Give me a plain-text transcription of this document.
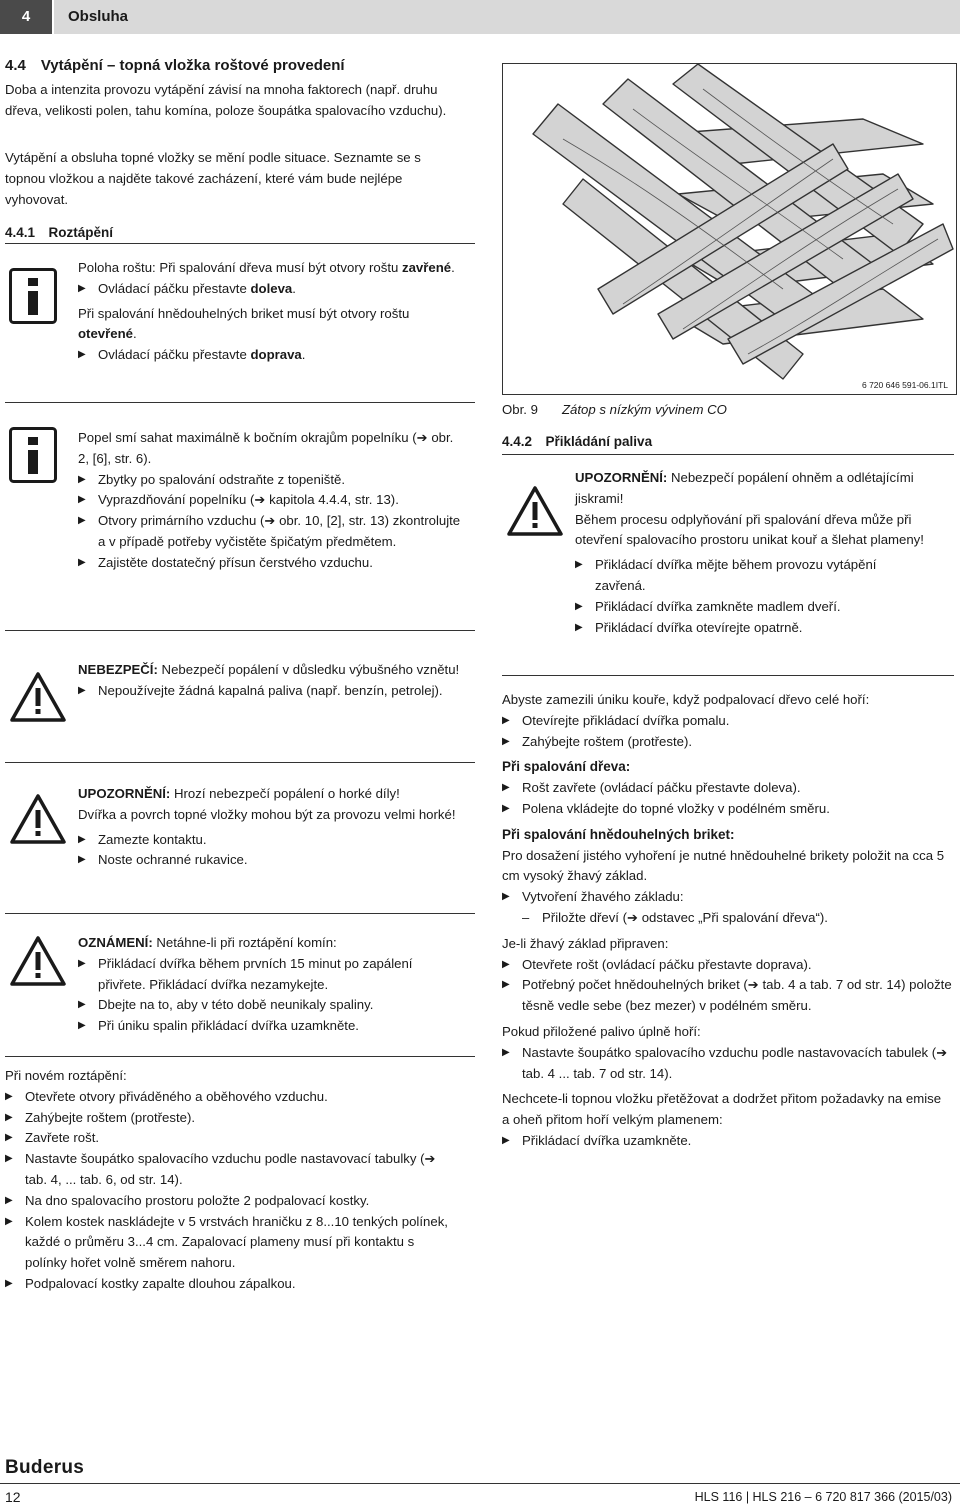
4	Obsluha
4.4 Vytápění – topná vložka roštové provedení

Doba a intenzita provozu vytápění závisí na mnoha faktorech (např. druhu dřeva, velikosti polen, tahu komína, poloze šoupátka spalovacího vzduchu).

Vytápění a obsluha topné vložky se mění podle situace. Seznamte se s topnou vložkou a najděte takové zacházení, které vám bude nejlépe vyhovovat.

4.4.1 Roztápění

Poloha roštu: Při spalování dřeva musí být otvory roštu zavřené.

▶ Ovládací páčku přestavte doleva.

Při spalování hnědouhelných briket musí být otvory roštu otevřené.

▶ Ovládací páčku přestavte doprava.

Popel smí sahat maximálně k bočním okrajům popelníku (➔ obr. 2, [6], str. 6).

▶ Zbytky po spalování odstraňte z topeniště.
▶ Vyprazdňování popelníku (➔ kapitola 4.4.4, str. 13).
▶ Otvory primárního vzduchu (➔ obr. 10, [2], str. 13) zkontrolujte a v případě potřeby vyčistěte špičatým předmětem.
▶ Zajistěte dostatečný přísun čerstvého vzduchu.

NEBEZPEČÍ: Nebezpečí popálení v důsledku výbušného vznětu!

▶ Nepoužívejte žádná kapalná paliva (např. benzín, petrolej).

UPOZORNĚNÍ: Hrozí nebezpečí popálení o horké díly!

Dvířka a povrch topné vložky mohou být za provozu velmi horké!

▶ Zamezte kontaktu.
▶ Noste ochranné rukavice.

OZNÁMENÍ: Netáhne-li při roztápění komín:

▶ Přikládací dvířka během prvních 15 minut po zapálení přivřete. Přikládací dvířka nezamykejte.
▶ Dbejte na to, aby v této době neunikaly spaliny.
▶ Při úniku spalin přikládací dvířka uzamkněte.

Při novém roztápění:

▶ Otevřete otvory přiváděného a oběhového vzduchu.
▶ Zahýbejte roštem (protřeste).
▶ Zavřete rošt.
▶ Nastavte šoupátko spalovacího vzduchu podle nastavovací tabulky (➔ tab. 4, ... tab. 6, od str. 14).
▶ Na dno spalovacího prostoru položte 2 podpalovací kostky.
▶ Kolem kostek naskládejte v 5 vrstvách hraničku z 8...10 tenkých polínek, každé o průměru 3...4 cm. Zapalovací plameny musí při kontaktu s polínky hořet volně směrem nahoru.
▶ Podpalovací kostky zapalte dlouhou zápalkou.
6 720 646 591-06.1ITL
Obr. 9 Zátop s nízkým vývinem CO
4.4.2 Přikládání paliva

UPOZORNĚNÍ: Nebezpečí popálení ohněm a odlétajícími jiskrami!

Během procesu odplyňování při spalování dřeva může při otevření spalovacího prostoru unikat kouř a šlehat plameny!

▶ Přikládací dvířka mějte během provozu vytápění zavřená.
▶ Přikládací dvířka zamkněte madlem dveří.
▶ Přikládací dvířka otevírejte opatrně.

Abyste zamezili úniku kouře, když podpalovací dřevo celé hoří:

▶ Otevírejte přikládací dvířka pomalu.
▶ Zahýbejte roštem (protřeste).

Při spalování dřeva:

▶ Rošt zavřete (ovládací páčku přestavte doleva).
▶ Polena vkládejte do topné vložky v podélném směru.

Při spalování hnědouhelných briket:

Pro dosažení jistého vyhoření je nutné hnědouhelné brikety položit na cca 5 cm vysoký žhavý základ.

▶ Vytvoření žhavého základu:
– Přiložte dřeví (➔ odstavec „Při spalování dřeva“).

Je-li žhavý základ připraven:

▶ Otevřete rošt (ovládací páčku přestavte doprava).
▶ Potřebný počet hnědouhelných briket (➔ tab. 4 a tab. 7 od str. 14) položte těsně vedle sebe (bez mezer) v podélném směru.

Pokud přiložené palivo úplně hoří:

▶ Nastavte šoupátko spalovacího vzduchu podle nastavovacích tabulek (➔ tab. 4 ... tab. 7 od str. 14).

Nechcete-li topnou vložku přetěžovat a dodržet přitom požadavky na emise a oheň přitom hoří velkým plamenem:

▶ Přikládací dvířka uzamkněte.
Buderus
12	HLS 116 | HLS 216 – 6 720 817 366 (2015/03)
